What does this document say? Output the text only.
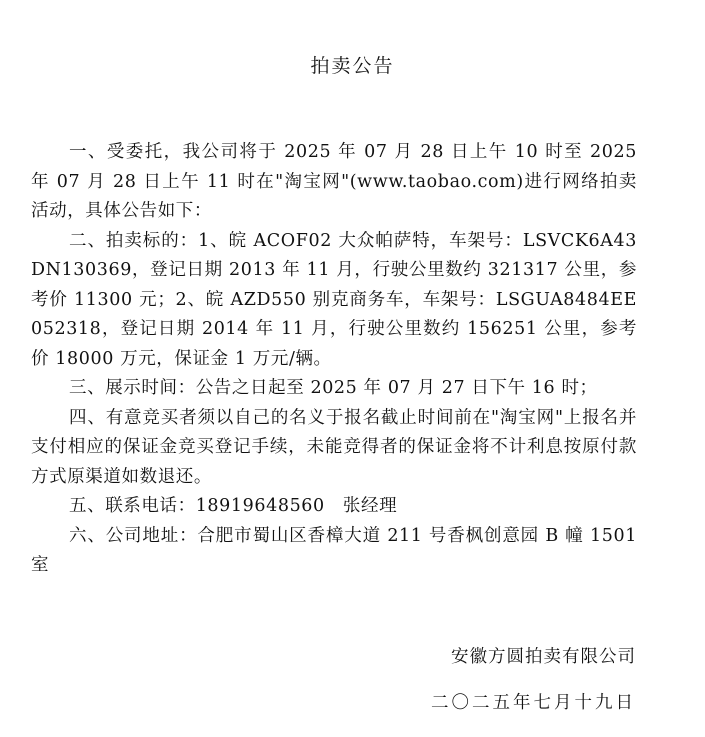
拍卖公告

一、受委托，我公司将于 2025 年 07 月 28 日上午 10 时至 2025 年 07 月 28 日上午 11 时在"淘宝网"(www.taobao.com)进行网络拍卖活动，具体公告如下：

二、拍卖标的：1、皖 ACOF02 大众帕萨特，车架号：LSVCK6A43DN130369，登记日期 2013 年 11 月，行驶公里数约 321317 公里，参考价 11300 元；2、皖 AZD550 别克商务车，车架号：LSGUA8484EE052318，登记日期 2014 年 11 月，行驶公里数约 156251 公里，参考价 18000 万元，保证金 1 万元/辆。

三、展示时间：公告之日起至 2025 年 07 月 27 日下午 16 时；

四、有意竞买者须以自己的名义于报名截止时间前在"淘宝网"上报名并支付相应的保证金竞买登记手续，未能竞得者的保证金将不计利息按原付款方式原渠道如数退还。

五、联系电话：18919648560　张经理

六、公司地址：合肥市蜀山区香樟大道 211 号香枫创意园 B 幢 1501 室

安徽方圆拍卖有限公司
二〇二五年七月十九日
